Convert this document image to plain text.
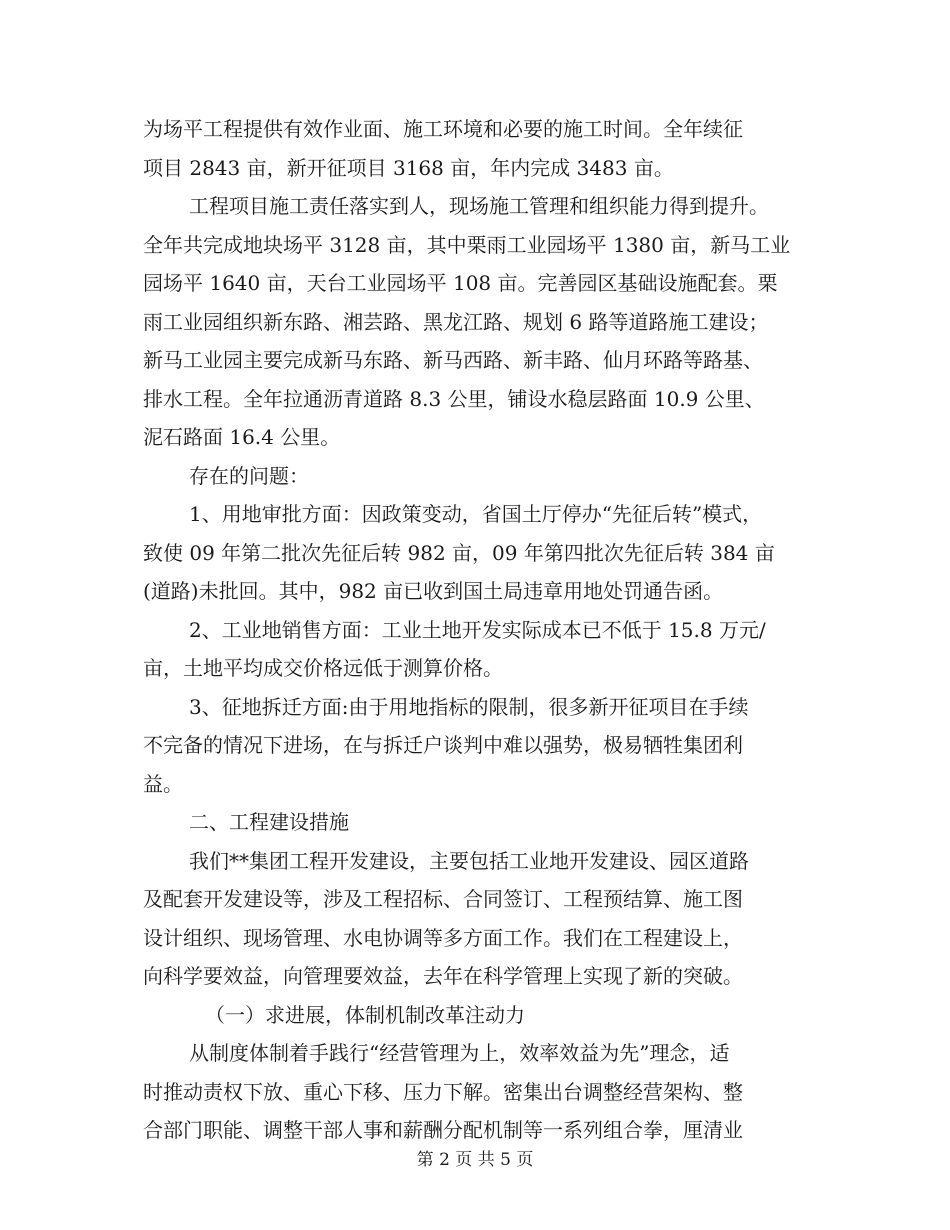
为场平工程提供有效作业面、施工环境和必要的施工时间。全年续征
项目 2843 亩，新开征项目 3168 亩，年内完成 3483 亩。
工程项目施工责任落实到人，现场施工管理和组织能力得到提升。
全年共完成地块场平 3128 亩，其中栗雨工业园场平 1380 亩，新马工业
园场平 1640 亩，天台工业园场平 108 亩。完善园区基础设施配套。栗
雨工业园组织新东路、湘芸路、黑龙江路、规划 6 路等道路施工建设；
新马工业园主要完成新马东路、新马西路、新丰路、仙月环路等路基、
排水工程。全年拉通沥青道路 8.3 公里，铺设水稳层路面 10.9 公里、
泥石路面 16.4 公里。
存在的问题：
1、用地审批方面：因政策变动，省国土厅停办“先征后转”模式，
致使 09 年第二批次先征后转 982 亩，09 年第四批次先征后转 384 亩
(道路)未批回。其中，982 亩已收到国土局违章用地处罚通告函。
2、工业地销售方面：工业土地开发实际成本已不低于 15.8 万元/
亩，土地平均成交价格远低于测算价格。
3、征地拆迁方面:由于用地指标的限制，很多新开征项目在手续
不完备的情况下进场，在与拆迁户谈判中难以强势，极易牺牲集团利
益。
二、工程建设措施
我们**集团工程开发建设，主要包括工业地开发建设、园区道路
及配套开发建设等，涉及工程招标、合同签订、工程预结算、施工图
设计组织、现场管理、水电协调等多方面工作。我们在工程建设上，
向科学要效益，向管理要效益，去年在科学管理上实现了新的突破。
（一）求进展，体制机制改革注动力
从制度体制着手践行“经营管理为上，效率效益为先”理念，适
时推动责权下放、重心下移、压力下解。密集出台调整经营架构、整
合部门职能、调整干部人事和薪酬分配机制等一系列组合拳，厘清业
第 2 页 共 5 页
